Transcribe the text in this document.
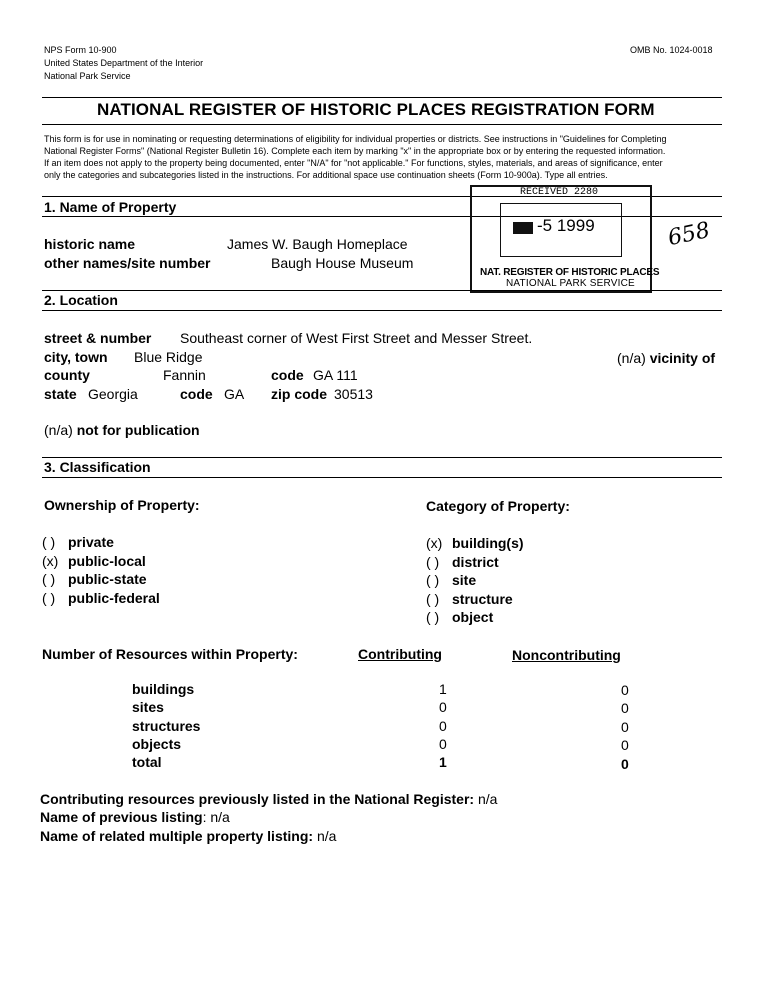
NPS Form 10-900	OMB No. 1024-0018
United States Department of the Interior
National Park Service
NATIONAL REGISTER OF HISTORIC PLACES REGISTRATION FORM
This form is for use in nominating or requesting determinations of eligibility for individual properties or districts. See instructions in "Guidelines for Completing
National Register Forms" (National Register Bulletin 16). Complete each item by marking "x" in the appropriate box or by entering the requested information.
If an item does not apply to the property being documented, enter "N/A" for "not applicable." For functions, styles, materials, and areas of significance, enter
only the categories and subcategories listed in the instructions. For additional space use continuation sheets (Form 10-900a). Type all entries.
1. Name of Property
historic name	James W. Baugh Homeplace
other names/site number	Baugh House Museum
RECEIVED 2280
-5 1999
NAT. REGISTER OF HISTORIC PLACES
NATIONAL PARK SERVICE
658
2. Location
street & number Southeast corner of West First Street and Messer Street.
city, town Blue Ridge	(n/a) vicinity of
county	Fannin	code GA 111
state Georgia	code GA zip code 30513
(n/a) not for publication
3. Classification
Ownership of Property:	Category of Property:
( ) private
(x) public-local
( ) public-state
( ) public-federal
(x) building(s)
( ) district
( ) site
( ) structure
( ) object
Number of Resources within Property:	Contributing	Noncontributing
buildings	1	0
sites	0	0
structures	0	0
objects	0	0
total	1	0
Contributing resources previously listed in the National Register: n/a
Name of previous listing: n/a
Name of related multiple property listing: n/a
